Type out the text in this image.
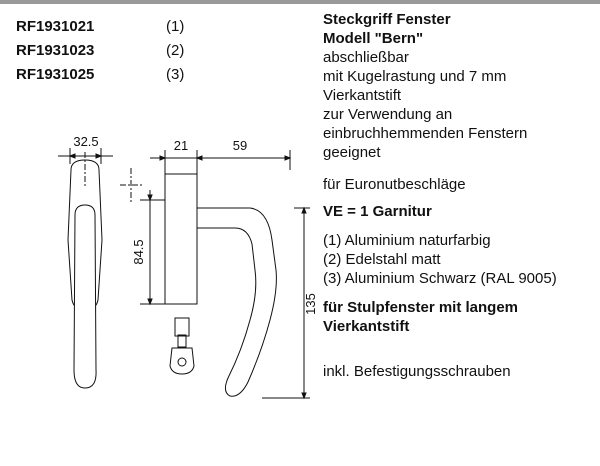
RF1931021	(1)
RF1931023	(2)
RF1931025	(3)
32.5	21	59
84.5
135
Steckgriff Fenster
Modell "Bern"
abschließbar
mit Kugelrastung und 7 mm
Vierkantstift
zur Verwendung an
einbruchhemmenden Fenstern
geeignet
für Euronutbeschläge
VE = 1 Garnitur
(1) Aluminium naturfarbig
(2) Edelstahl matt
(3) Aluminium Schwarz (RAL 9005)
für Stulpfenster mit langem Vierkantstift
inkl. Befestigungsschrauben
